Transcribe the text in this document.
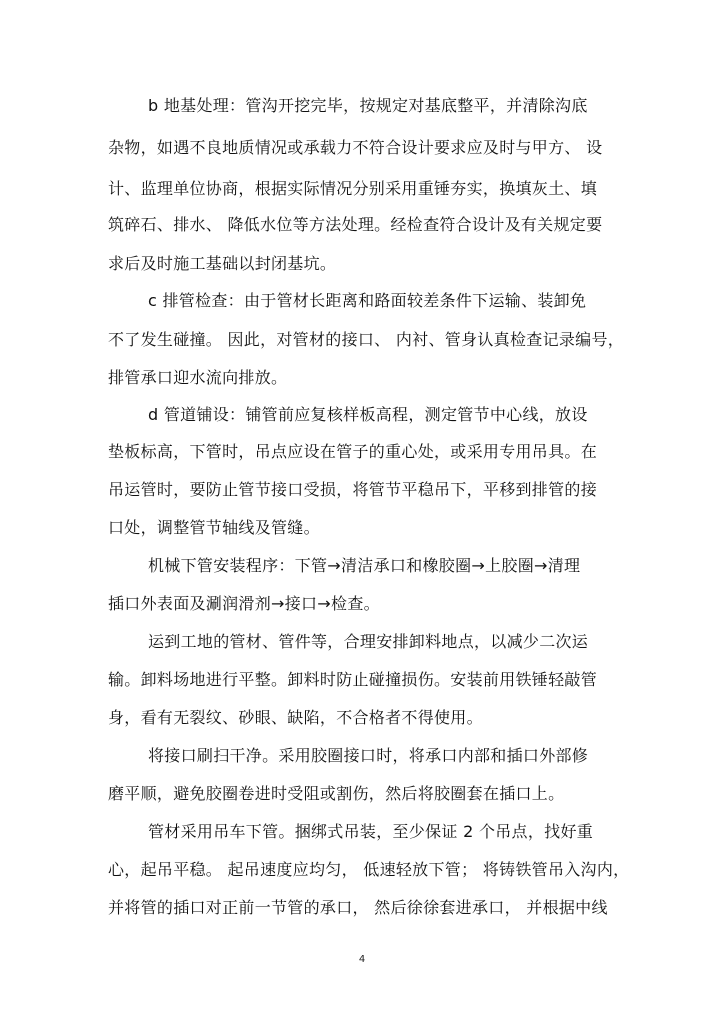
b 地基处理：管沟开挖完毕，按规定对基底整平，并清除沟底
杂物，如遇不良地质情况或承载力不符合设计要求应及时与甲方、 设
计、监理单位协商，根据实际情况分别采用重锤夯实，换填灰土、填
筑碎石、排水、 降低水位等方法处理。经检查符合设计及有关规定要
求后及时施工基础以封闭基坑。
c 排管检查：由于管材长距离和路面较差条件下运输、装卸免
不了发生碰撞。 因此，对管材的接口、 内衬、管身认真检查记录编号，
排管承口迎水流向排放。
d 管道铺设：铺管前应复核样板高程，测定管节中心线，放设
垫板标高，下管时，吊点应设在管子的重心处，或采用专用吊具。在
吊运管时，要防止管节接口受损，将管节平稳吊下，平移到排管的接
口处，调整管节轴线及管缝。
机械下管安装程序：下管→清洁承口和橡胶圈→上胶圈→清理
插口外表面及涮润滑剂→接口→检查。
运到工地的管材、管件等，合理安排卸料地点，以减少二次运
输。卸料场地进行平整。卸料时防止碰撞损伤。安装前用铁锤轻敲管
身，看有无裂纹、砂眼、缺陷，不合格者不得使用。
将接口刷扫干净。采用胶圈接口时，将承口内部和插口外部修
磨平顺，避免胶圈卷进时受阻或割伤，然后将胶圈套在插口上。
管材采用吊车下管。捆绑式吊装，至少保证 2 个吊点，找好重
心，起吊平稳。 起吊速度应均匀， 低速轻放下管； 将铸铁管吊入沟内，
并将管的插口对正前一节管的承口， 然后徐徐套进承口， 并根据中线
4
